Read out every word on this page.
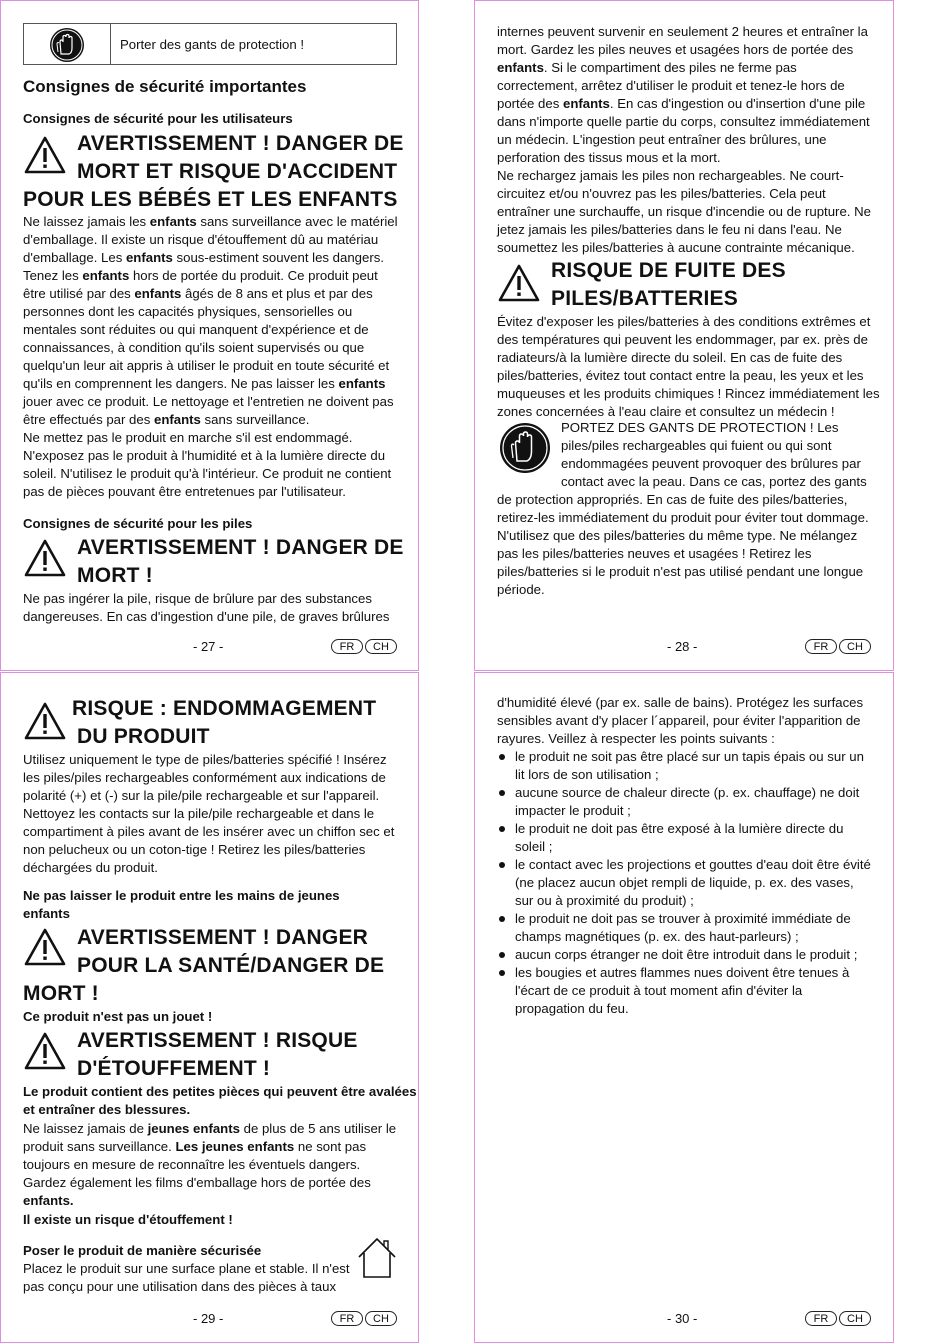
Porter des gants de protection !
Consignes de sécurité importantes
Consignes de sécurité pour les utilisateurs
AVERTISSEMENT ! DANGER DE
MORT ET RISQUE D'ACCIDENT
POUR LES BÉBÉS ET LES ENFANTS
Ne laissez jamais les enfants sans surveillance avec le matériel
d'emballage. Il existe un risque d'étouffement dû au matériau
d'emballage. Les enfants sous-estiment souvent les dangers.
Tenez les enfants hors de portée du produit. Ce produit peut
être utilisé par des enfants âgés de 8 ans et plus et par des
personnes dont les capacités physiques, sensorielles ou
mentales sont réduites ou qui manquent d'expérience et de
connaissances, à condition qu'ils soient supervisés ou que
quelqu'un leur ait appris à utiliser le produit en toute sécurité et
qu'ils en comprennent les dangers. Ne pas laisser les enfants
jouer avec ce produit. Le nettoyage et l'entretien ne doivent pas
être effectués par des enfants sans surveillance.
Ne mettez pas le produit en marche s'il est endommagé.
N'exposez pas le produit à l'humidité et à la lumière directe du
soleil. N'utilisez le produit qu'à l'intérieur. Ce produit ne contient
pas de pièces pouvant être entretenues par l'utilisateur.
Consignes de sécurité pour les piles
AVERTISSEMENT ! DANGER DE
MORT !
Ne pas ingérer la pile, risque de brûlure par des substances
dangereuses. En cas d'ingestion d'une pile, de graves brûlures
- 27 -	FR	CH
internes peuvent survenir en seulement 2 heures et entraîner la
mort. Gardez les piles neuves et usagées hors de portée des
enfants. Si le compartiment des piles ne ferme pas
correctement, arrêtez d'utiliser le produit et tenez-le hors de
portée des enfants. En cas d'ingestion ou d'insertion d'une pile
dans n'importe quelle partie du corps, consultez immédiatement
un médecin. L'ingestion peut entraîner des brûlures, une
perforation des tissus mous et la mort.
Ne rechargez jamais les piles non rechargeables. Ne court-
circuitez et/ou n'ouvrez pas les piles/batteries. Cela peut
entraîner une surchauffe, un risque d'incendie ou de rupture. Ne
jetez jamais les piles/batteries dans le feu ni dans l'eau. Ne
soumettez les piles/batteries à aucune contrainte mécanique.
RISQUE DE FUITE DES
PILES/BATTERIES
Évitez d'exposer les piles/batteries à des conditions extrêmes et
des températures qui peuvent les endommager, par ex. près de
radiateurs/à la lumière directe du soleil. En cas de fuite des
piles/batteries, évitez tout contact entre la peau, les yeux et les
muqueuses et les produits chimiques ! Rincez immédiatement les
zones concernées à l'eau claire et consultez un médecin !
PORTEZ DES GANTS DE PROTECTION ! Les
piles/piles rechargeables qui fuient ou qui sont
endommagées peuvent provoquer des brûlures par
contact avec la peau. Dans ce cas, portez des gants
de protection appropriés. En cas de fuite des piles/batteries,
retirez-les immédiatement du produit pour éviter tout dommage.
N'utilisez que des piles/batteries du même type. Ne mélangez
pas les piles/batteries neuves et usagées ! Retirez les
piles/batteries si le produit n'est pas utilisé pendant une longue
période.
- 28 -	FR	CH
RISQUE : ENDOMMAGEMENT
DU PRODUIT
Utilisez uniquement le type de piles/batteries spécifié ! Insérez
les piles/piles rechargeables conformément aux indications de
polarité (+) et (-) sur la pile/pile rechargeable et sur l'appareil.
Nettoyez les contacts sur la pile/pile rechargeable et dans le
compartiment à piles avant de les insérer avec un chiffon sec et
non pelucheux ou un coton-tige ! Retirez les piles/batteries
déchargées du produit.
Ne pas laisser le produit entre les mains de jeunes
enfants
AVERTISSEMENT ! DANGER
POUR LA SANTÉ/DANGER DE
MORT !
Ce produit n'est pas un jouet !
AVERTISSEMENT ! RISQUE
D'ÉTOUFFEMENT !
Le produit contient des petites pièces qui peuvent être avalées
et entraîner des blessures.
Ne laissez jamais de jeunes enfants de plus de 5 ans utiliser le
produit sans surveillance. Les jeunes enfants ne sont pas
toujours en mesure de reconnaître les éventuels dangers.
Gardez également les films d'emballage hors de portée des
enfants.
Il existe un risque d'étouffement !
Poser le produit de manière sécurisée
Placez le produit sur une surface plane et stable. Il n'est
pas conçu pour une utilisation dans des pièces à taux
- 29 -	FR	CH
d'humidité élevé (par ex. salle de bains). Protégez les surfaces
sensibles avant d'y placer l´appareil, pour éviter l'apparition de
rayures. Veillez à respecter les points suivants :
le produit ne soit pas être placé sur un tapis épais ou sur un
lit lors de son utilisation ;
aucune source de chaleur directe (p. ex. chauffage) ne doit
impacter le produit ;
le produit ne doit pas être exposé à la lumière directe du
soleil ;
le contact avec les projections et gouttes d'eau doit être évité
(ne placez aucun objet rempli de liquide, p. ex. des vases,
sur ou à proximité du produit) ;
le produit ne doit pas se trouver à proximité immédiate de
champs magnétiques (p. ex. des haut-parleurs) ;
aucun corps étranger ne doit être introduit dans le produit ;
les bougies et autres flammes nues doivent être tenues à
l'écart de ce produit à tout moment afin d'éviter la
propagation du feu.
- 30 -	FR	CH
